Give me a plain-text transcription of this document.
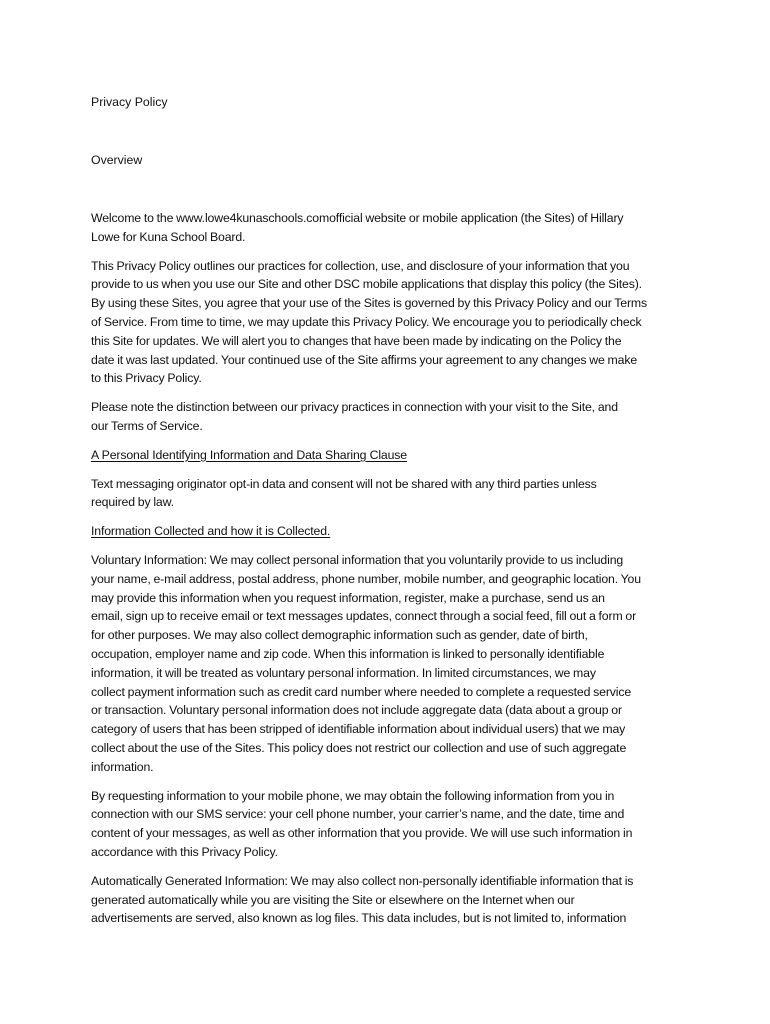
Privacy Policy
Overview

Welcome to the www.lowe4kunaschools.comofficial website or mobile application (the Sites) of Hillary
Lowe for Kuna School Board.

This Privacy Policy outlines our practices for collection, use, and disclosure of your information that you
provide to us when you use our Site and other DSC mobile applications that display this policy (the Sites).
By using these Sites, you agree that your use of the Sites is governed by this Privacy Policy and our Terms
of Service. From time to time, we may update this Privacy Policy. We encourage you to periodically check
this Site for updates. We will alert you to changes that have been made by indicating on the Policy the
date it was last updated. Your continued use of the Site affirms your agreement to any changes we make
to this Privacy Policy.

Please note the distinction between our privacy practices in connection with your visit to the Site, and
our Terms of Service.

A Personal Identifying Information and Data Sharing Clause

Text messaging originator opt-in data and consent will not be shared with any third parties unless
required by law.

Information Collected and how it is Collected.

Voluntary Information: We may collect personal information that you voluntarily provide to us including
your name, e-mail address, postal address, phone number, mobile number, and geographic location. You
may provide this information when you request information, register, make a purchase, send us an
email, sign up to receive email or text messages updates, connect through a social feed, fill out a form or
for other purposes. We may also collect demographic information such as gender, date of birth,
occupation, employer name and zip code. When this information is linked to personally identifiable
information, it will be treated as voluntary personal information. In limited circumstances, we may
collect payment information such as credit card number where needed to complete a requested service
or transaction. Voluntary personal information does not include aggregate data (data about a group or
category of users that has been stripped of identifiable information about individual users) that we may
collect about the use of the Sites. This policy does not restrict our collection and use of such aggregate
information.

By requesting information to your mobile phone, we may obtain the following information from you in
connection with our SMS service: your cell phone number, your carrier’s name, and the date, time and
content of your messages, as well as other information that you provide. We will use such information in
accordance with this Privacy Policy.

Automatically Generated Information: We may also collect non-personally identifiable information that is
generated automatically while you are visiting the Site or elsewhere on the Internet when our
advertisements are served, also known as log files. This data includes, but is not limited to, information
